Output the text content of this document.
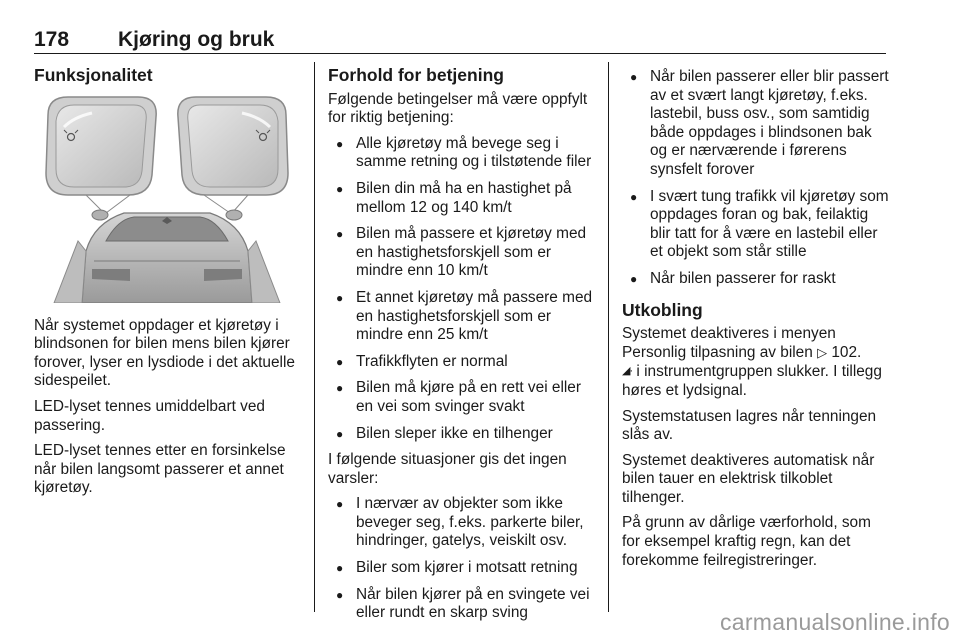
178 Kjøring og bruk
Funksjonalitet

Når systemet oppdager et kjøretøy i blindsonen for bilen mens bilen kjører forover, lyser en lysdiode i det aktuelle sidespeilet.

LED-lyset tennes umiddelbart ved passering.

LED-lyset tennes etter en forsinkelse når bilen langsomt passerer et annet kjøretøy.

Forhold for betjening

Følgende betingelser må være oppfylt for riktig betjening:

● Alle kjøretøy må bevege seg i samme retning og i tilstøtende filer
● Bilen din må ha en hastighet på mellom 12 og 140 km/t
● Bilen må passere et kjøretøy med en hastighetsforskjell som er mindre enn 10 km/t
● Et annet kjøretøy må passere med en hastighetsforskjell som er mindre enn 25 km/t
● Trafikkflyten er normal
● Bilen må kjøre på en rett vei eller en vei som svinger svakt
● Bilen sleper ikke en tilhenger

I følgende situasjoner gis det ingen varsler:

● I nærvær av objekter som ikke beveger seg, f.eks. parkerte biler, hindringer, gatelys, veiskilt osv.
● Biler som kjører i motsatt retning
● Når bilen kjører på en svingete vei eller rundt en skarp sving
● Når bilen passerer eller blir passert av et svært langt kjøretøy, f.eks. lastebil, buss osv., som samtidig både oppdages i blindsonen bak og er nærværende i førerens synsfelt forover
● I svært tung trafikk vil kjøretøy som oppdages foran og bak, feilaktig blir tatt for å være en lastebil eller et objekt som står stille
● Når bilen passerer for raskt
Utkobling

Systemet deaktiveres i menyen Personlig tilpasning av bilen ▷ 102.
◢· i instrumentgruppen slukker. I tillegg høres et lydsignal.

Systemstatusen lagres når tenningen slås av.

Systemet deaktiveres automatisk når bilen tauer en elektrisk tilkoblet tilhenger.

På grunn av dårlige værforhold, som for eksempel kraftig regn, kan det forekomme feilregistreringer.

carmanualsonline.info
